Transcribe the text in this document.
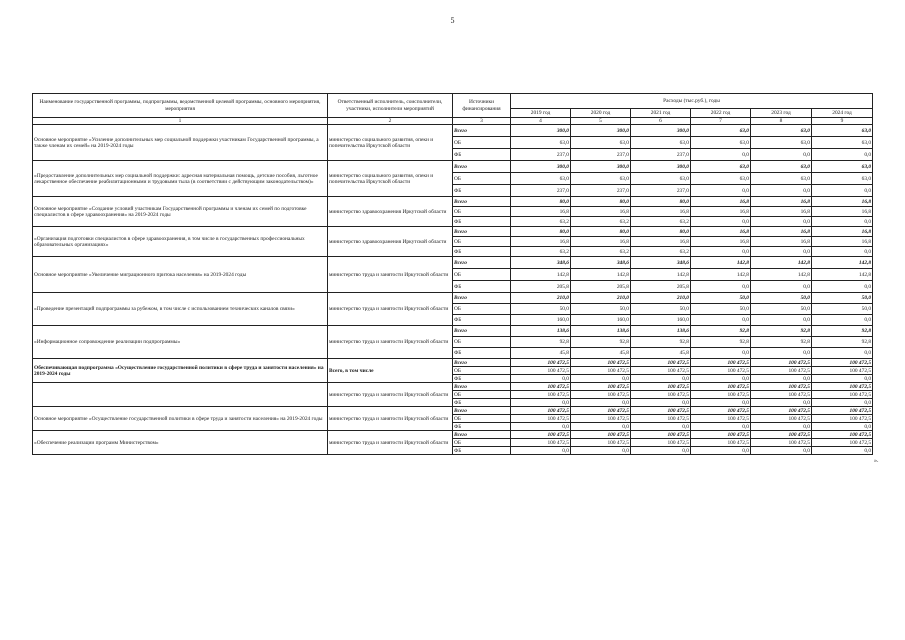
5
Наименование государственной программы, подпрограммы, ведомственной целевой программы, основного мероприятия, мероприятия	Ответственный исполнитель, соисполнители, участники, исполнители мероприятий	Источники финансирования	Расходы (тыс.руб.), годы					
			2019 год	2020 год	2021 год	2022 год	2023 год	2024 год
1	2	3	4	5	6	7	8	9
Основное мероприятие «Усиление дополнительных мер социальной поддержки участникам Государственной программы, а также членам их семей» на 2019-2024 годы	министерство социального развития, опеки и попечительства Иркутской области	Всего	300,0	300,0	300,0	63,0	63,0	63,0
		ОБ	63,0	63,0	63,0	63,0	63,0	63,0
		ФБ	237,0	237,0	237,0	0,0	0,0	0,0
«Предоставление дополнительных мер социальной поддержки: адресная материальная помощь, детские пособия, льготное лекарственное обеспечение реабилитационными и трудовыми тыла (в соответствии с действующим законодательством)»	министерство социального развития, опеки и попечительства Иркутской области	Всего	300,0	300,0	300,0	63,0	63,0	63,0
		ОБ	63,0	63,0	63,0	63,0	63,0	63,0
		ФБ	237,0	237,0	237,0	0,0	0,0	0,0
Основное мероприятие «Создание условий участникам Государственной программы и членам их семей по подготовке специалистов в сфере здравоохранения» на 2019-2024 годы	министерство здравоохранения Иркутской области	Всего	80,0	80,0	80,0	16,8	16,8	16,8
		ОБ	16,8	16,8	16,8	16,8	16,8	16,8
		ФБ	63,2	63,2	63,2	0,0	0,0	0,0
«Организация подготовки специалистов в сфере здравоохранения, в том числе в государственных профессиональных образовательных организациях»	министерство здравоохранения Иркутской области	Всего	80,0	80,0	80,0	16,8	16,8	16,8
		ОБ	16,8	16,8	16,8	16,8	16,8	16,8
		ФБ	63,2	63,2	63,2	0,0	0,0	0,0
Основное мероприятие «Увеличение миграционного притока населения» на 2019-2024 годы	министерство труда и занятости Иркутской области	Всего	348,6	348,6	348,6	142,8	142,8	142,8
		ОБ	142,8	142,8	142,8	142,8	142,8	142,8
		ФБ	205,8	205,8	205,8	0,0	0,0	0,0
«Проведение презентаций подпрограммы за рубежом, в том числе с использованием технических каналов связи»	министерство труда и занятости Иркутской области	Всего	210,0	210,0	210,0	50,0	50,0	50,0
		ОБ	50,0	50,0	50,0	50,0	50,0	50,0
		ФБ	160,0	160,0	160,0	0,0	0,0	0,0
«Информационное сопровождение реализации подпрограммы»	министерство труда и занятости Иркутской области	Всего	138,6	138,6	138,6	92,8	92,8	92,8
		ОБ	92,8	92,8	92,8	92,8	92,8	92,8
		ФБ	45,8	45,8	45,8	0,0	0,0	0,0
Обеспечивающая подпрограмма «Осуществление государственной политики в сфере труда и занятости населения» на 2019-2024 годы	Всего, в том числе	Всего	100 472,5	100 472,5	100 472,5	100 472,5	100 472,5	100 472,5
		ОБ	100 472,5	100 472,5	100 472,5	100 472,5	100 472,5	100 472,5
		ФБ	0,0	0,0	0,0	0,0	0,0	0,0
	министерство труда и занятости Иркутской области	Всего	100 472,5	100 472,5	100 472,5	100 472,5	100 472,5	100 472,5
		ОБ	100 472,5	100 472,5	100 472,5	100 472,5	100 472,5	100 472,5
		ФБ	0,0	0,0	0,0	0,0	0,0	0,0
Основное мероприятие «Осуществление государственной политики в сфере труда и занятости населения» на 2019-2024 годы	министерство труда и занятости Иркутской области	Всего	100 472,5	100 472,5	100 472,5	100 472,5	100 472,5	100 472,5
		ОБ	100 472,5	100 472,5	100 472,5	100 472,5	100 472,5	100 472,5
		ФБ	0,0	0,0	0,0	0,0	0,0	0,0
«Обеспечение реализации программ Министерством»	министерство труда и занятости Иркутской области	Всего	100 472,5	100 472,5	100 472,5	100 472,5	100 472,5	100 472,5
		ОБ	100 472,5	100 472,5	100 472,5	100 472,5	100 472,5	100 472,5
		ФБ	0,0	0,0	0,0	0,0	0,0	0,0
».
